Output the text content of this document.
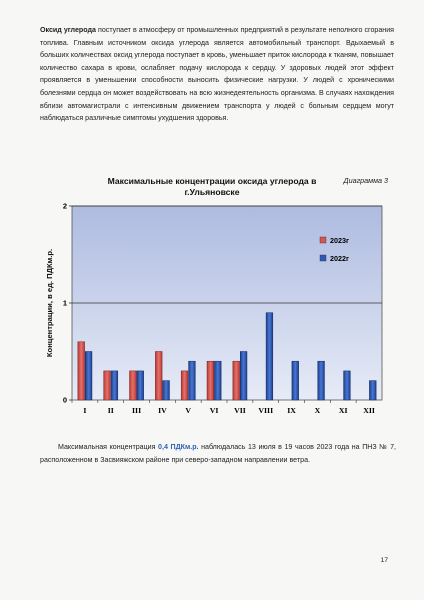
Оксид углерода поступает в атмосферу от промышленных предприятий в результате неполного сгорания топлива. Главным источником оксида углерода является автомобильный транспорт. Вдыхаемый в больших количествах оксид углерода поступает в кровь, уменьшает приток кислорода к тканям, повышает количество сахара в крови, ослабляет подачу кислорода к сердцу. У здоровых людей этот эффект проявляется в уменьшении способности выносить физические нагрузки. У людей с хроническими болезнями сердца он может воздействовать на всю жизнедеятельность организма. В случаях нахождения вблизи автомагистрали с интенсивным движением транспорта у людей с больным сердцем могут наблюдаться различные симптомы ухудшения здоровья.

Диаграмма 3

Максимальные концентрации оксида углерода в
г.Ульяновске
0
1
2
I	II III IV V VI VII VIII IX X XI XII
Концентрации, в ед. ПДКм.р.
2023г
2022г

Максимальная концентрация 0,4 ПДКм.р. наблюдалась 13 июля в 19 часов 2023 года на ПНЗ № 7, расположенном в Засвияжском районе при северо-западном направлении ветра.

17
